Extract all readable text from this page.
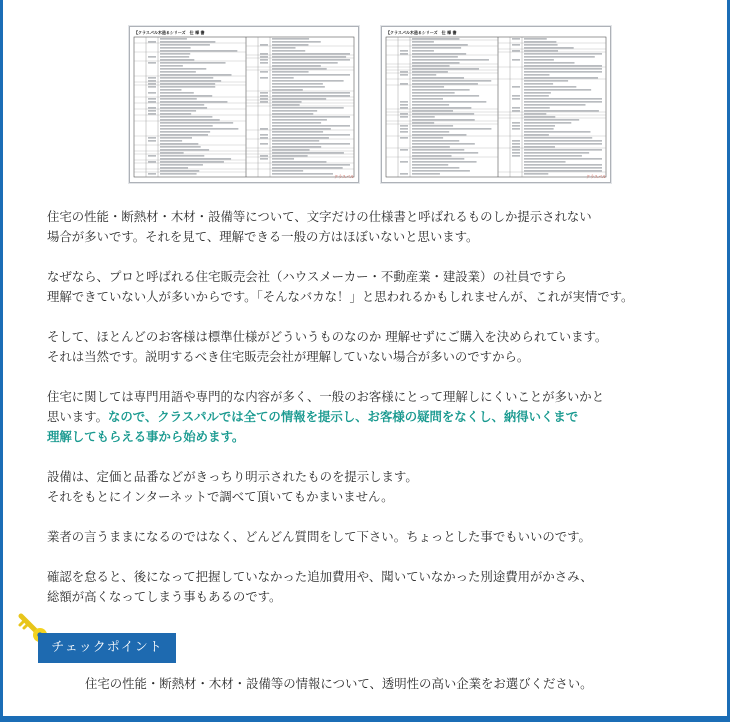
【クラスパル木造るシリーズ　仕 様 書
クラスパル
【クラスパル木造るシリーズ　仕 様 書
クラスパル

住宅の性能・断熱材・木材・設備等について、文字だけの仕様書と呼ばれるものしか提示されない
場合が多いです。それを見て、理解できる一般の方はほぼいないと思います。

なぜなら、プロと呼ばれる住宅販売会社（ハウスメーカー・不動産業・建設業）の社員ですら
理解できていない人が多いからです。「そんなバカな！」と思われるかもしれませんが、これが実情です。

そして、ほとんどのお客様は標準仕様がどういうものなのか 理解せずにご購入を決められています。
それは当然です。説明するべき住宅販売会社が理解していない場合が多いのですから。

住宅に関しては専門用語や専門的な内容が多く、一般のお客様にとって理解しにくいことが多いかと
思います。なので、クラスパルでは全ての情報を提示し、お客様の疑問をなくし、納得いくまで
理解してもらえる事から始めます。

設備は、定価と品番などがきっちり明示されたものを提示します。
それをもとにインターネットで調べて頂いてもかまいません。

業者の言うままになるのではなく、どんどん質問をして下さい。ちょっとした事でもいいのです。

確認を怠ると、後になって把握していなかった追加費用や、聞いていなかった別途費用がかさみ、
総額が高くなってしまう事もあるのです。

チェックポイント
住宅の性能・断熱材・木材・設備等の情報について、透明性の高い企業をお選びください。
